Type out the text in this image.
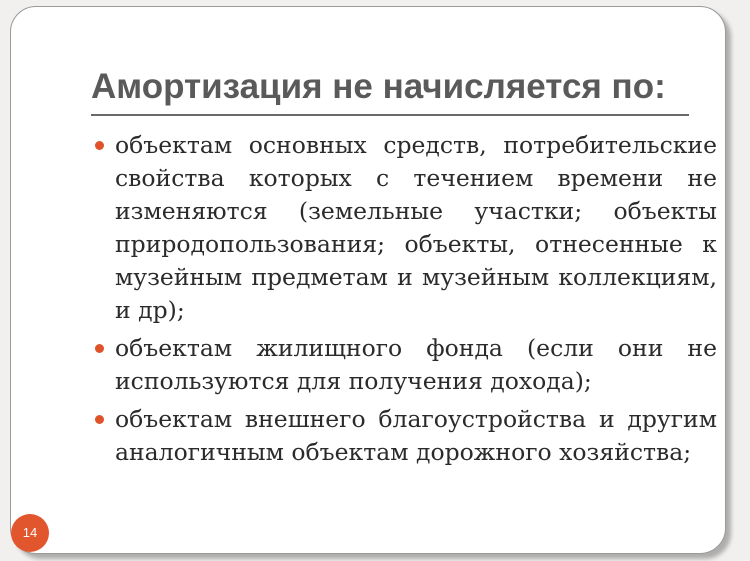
Амортизация не начисляется по:
объектам основных средств, потребительские свойства которых с течением времени не изменяются (земельные участки; объекты природопользования; объекты, отнесенные к музейным предметам и музейным коллекциям, и др);
объектам жилищного фонда (если они не используются для получения дохода);
объектам внешнего благоустройства и другим аналогичным объектам дорожного хозяйства;
14
